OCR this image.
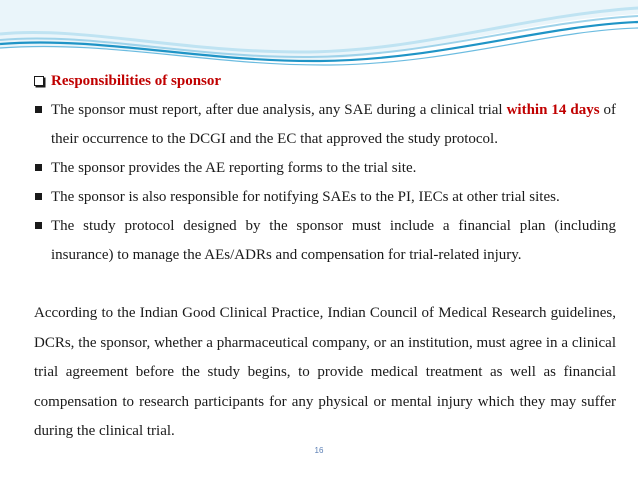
Responsibilities of sponsor
The sponsor must report, after due analysis, any SAE during a clinical trial within 14 days of their occurrence to the DCGI and the EC that approved the study protocol.
The sponsor provides the AE reporting forms to the trial site.
The sponsor is also responsible for notifying SAEs to the PI, IECs at other trial sites.
The study protocol designed by the sponsor must include a financial plan (including insurance) to manage the AEs/ADRs and compensation for trial-related injury.

According to the Indian Good Clinical Practice, Indian Council of Medical Research guidelines, DCRs, the sponsor, whether a pharmaceutical company, or an institution, must agree in a clinical trial agreement before the study begins, to provide medical treatment as well as financial compensation to research participants for any physical or mental injury which they may suffer during the clinical trial.

16
